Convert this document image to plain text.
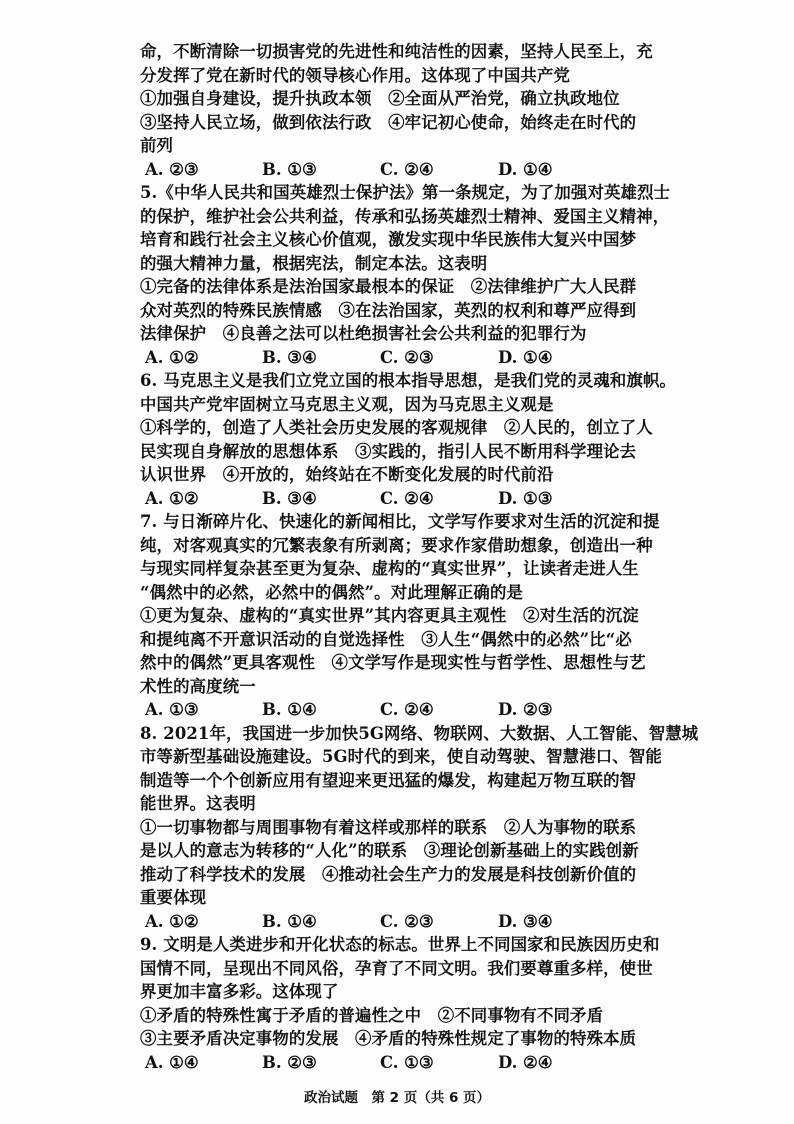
命，不断清除一切损害党的先进性和纯洁性的因素，坚持人民至上，充
分发挥了党在新时代的领导核心作用。这体现了中国共产党
①加强自身建设，提升执政本领　②全面从严治党，确立执政地位
③坚持人民立场，做到依法行政　④牢记初心使命，始终走在时代的
前列
A. ②③	B. ①③	C. ②④	D. ①④
5.《中华人民共和国英雄烈士保护法》第一条规定，为了加强对英雄烈士
的保护，维护社会公共利益，传承和弘扬英雄烈士精神、爱国主义精神，
培育和践行社会主义核心价值观，激发实现中华民族伟大复兴中国梦
的强大精神力量，根据宪法，制定本法。这表明
①完备的法律体系是法治国家最根本的保证　②法律维护广大人民群
众对英烈的特殊民族情感　③在法治国家，英烈的权利和尊严应得到
法律保护　④良善之法可以杜绝损害社会公共利益的犯罪行为
A. ①②	B. ③④	C. ②③	D. ①④
6. 马克思主义是我们立党立国的根本指导思想，是我们党的灵魂和旗帜。
中国共产党牢固树立马克思主义观，因为马克思主义观是
①科学的，创造了人类社会历史发展的客观规律　②人民的，创立了人
民实现自身解放的思想体系　③实践的，指引人民不断用科学理论去
认识世界　④开放的，始终站在不断变化发展的时代前沿
A. ①②	B. ③④	C. ②④	D. ①③
7. 与日渐碎片化、快速化的新闻相比，文学写作要求对生活的沉淀和提
纯，对客观真实的冗繁表象有所剥离；要求作家借助想象，创造出一种
与现实同样复杂甚至更为复杂、虚构的“真实世界”，让读者走进人生
“偶然中的必然，必然中的偶然”。对此理解正确的是
①更为复杂、虚构的“真实世界”其内容更具主观性　②对生活的沉淀
和提纯离不开意识活动的自觉选择性　③人生“偶然中的必然”比“必
然中的偶然”更具客观性　④文学写作是现实性与哲学性、思想性与艺
术性的高度统一
A. ①③	B. ①④	C. ②④	D. ②③
8. 2021年，我国进一步加快5G网络、物联网、大数据、人工智能、智慧城
市等新型基础设施建设。5G时代的到来，使自动驾驶、智慧港口、智能
制造等一个个创新应用有望迎来更迅猛的爆发，构建起万物互联的智
能世界。这表明
①一切事物都与周围事物有着这样或那样的联系　②人为事物的联系
是以人的意志为转移的“人化”的联系　③理论创新基础上的实践创新
推动了科学技术的发展　④推动社会生产力的发展是科技创新价值的
重要体现
A. ①②	B. ①④	C. ②③	D. ③④
9. 文明是人类进步和开化状态的标志。世界上不同国家和民族因历史和
国情不同，呈现出不同风俗，孕育了不同文明。我们要尊重多样，使世
界更加丰富多彩。这体现了
①矛盾的特殊性寓于矛盾的普遍性之中　②不同事物有不同矛盾
③主要矛盾决定事物的发展　④矛盾的特殊性规定了事物的特殊本质
A. ①④	B. ②③	C. ①③	D. ②④
政治试题　第 2 页（共 6 页）
